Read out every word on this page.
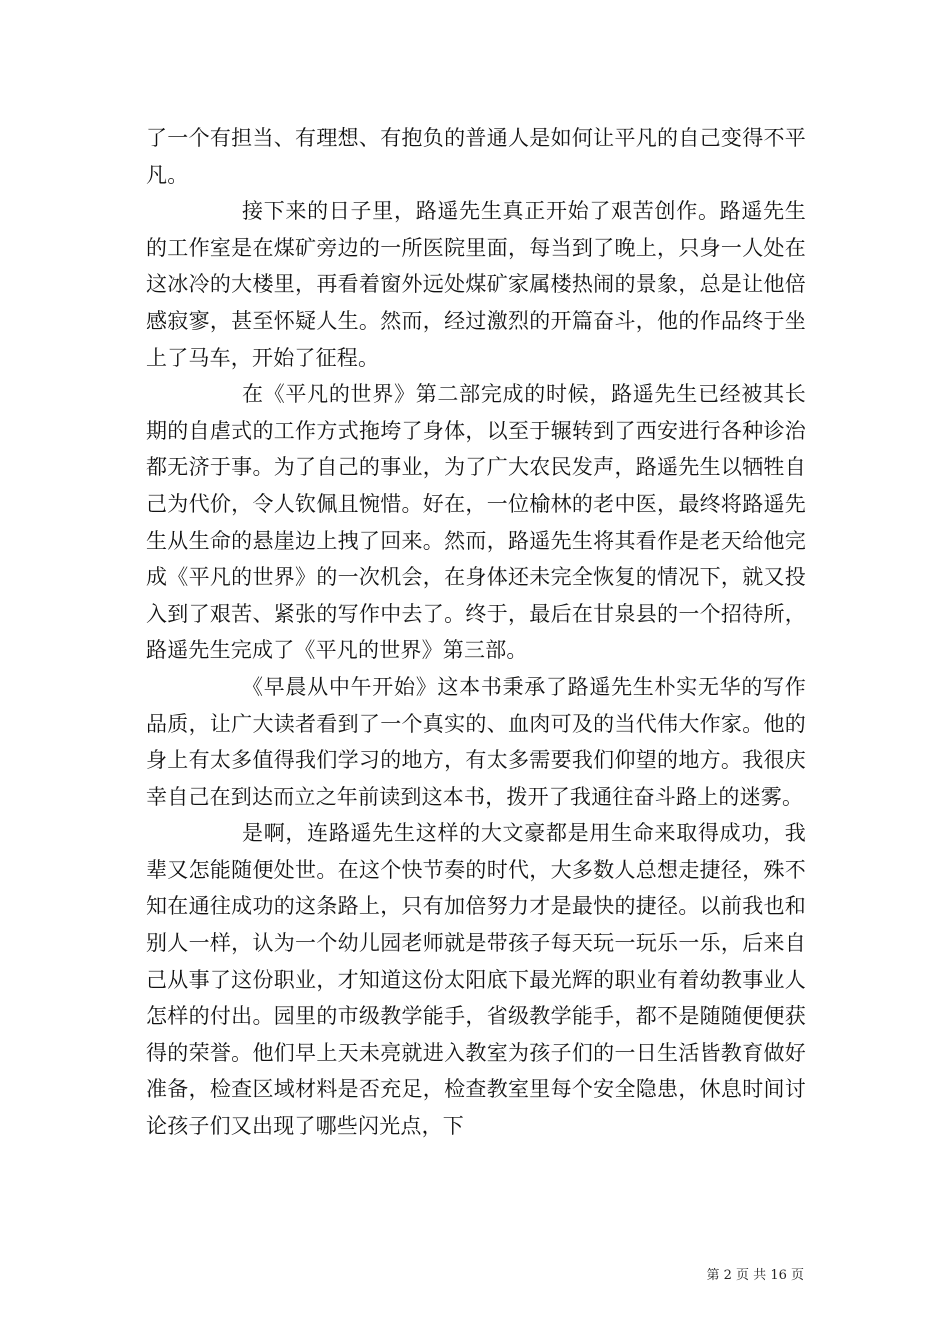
了一个有担当、有理想、有抱负的普通人是如何让平凡的自己变得不平凡。

接下来的日子里，路遥先生真正开始了艰苦创作。路遥先生的工作室是在煤矿旁边的一所医院里面，每当到了晚上，只身一人处在这冰冷的大楼里，再看着窗外远处煤矿家属楼热闹的景象，总是让他倍感寂寥，甚至怀疑人生。然而，经过激烈的开篇奋斗，他的作品终于坐上了马车，开始了征程。

在《平凡的世界》第二部完成的时候，路遥先生已经被其长期的自虐式的工作方式拖垮了身体，以至于辗转到了西安进行各种诊治都无济于事。为了自己的事业，为了广大农民发声，路遥先生以牺牲自己为代价，令人钦佩且惋惜。好在，一位榆林的老中医，最终将路遥先生从生命的悬崖边上拽了回来。然而，路遥先生将其看作是老天给他完成《平凡的世界》的一次机会，在身体还未完全恢复的情况下，就又投入到了艰苦、紧张的写作中去了。终于，最后在甘泉县的一个招待所，路遥先生完成了《平凡的世界》第三部。

《早晨从中午开始》这本书秉承了路遥先生朴实无华的写作品质，让广大读者看到了一个真实的、血肉可及的当代伟大作家。他的身上有太多值得我们学习的地方，有太多需要我们仰望的地方。我很庆幸自己在到达而立之年前读到这本书，拨开了我通往奋斗路上的迷雾。

是啊，连路遥先生这样的大文豪都是用生命来取得成功，我辈又怎能随便处世。在这个快节奏的时代，大多数人总想走捷径，殊不知在通往成功的这条路上，只有加倍努力才是最快的捷径。以前我也和别人一样，认为一个幼儿园老师就是带孩子每天玩一玩乐一乐，后来自己从事了这份职业，才知道这份太阳底下最光辉的职业有着幼教事业人怎样的付出。园里的市级教学能手，省级教学能手，都不是随随便便获得的荣誉。他们早上天未亮就进入教室为孩子们的一日生活皆教育做好准备，检查区域材料是否充足，检查教室里每个安全隐患，休息时间讨论孩子们又出现了哪些闪光点，下

第 2 页 共 16 页
